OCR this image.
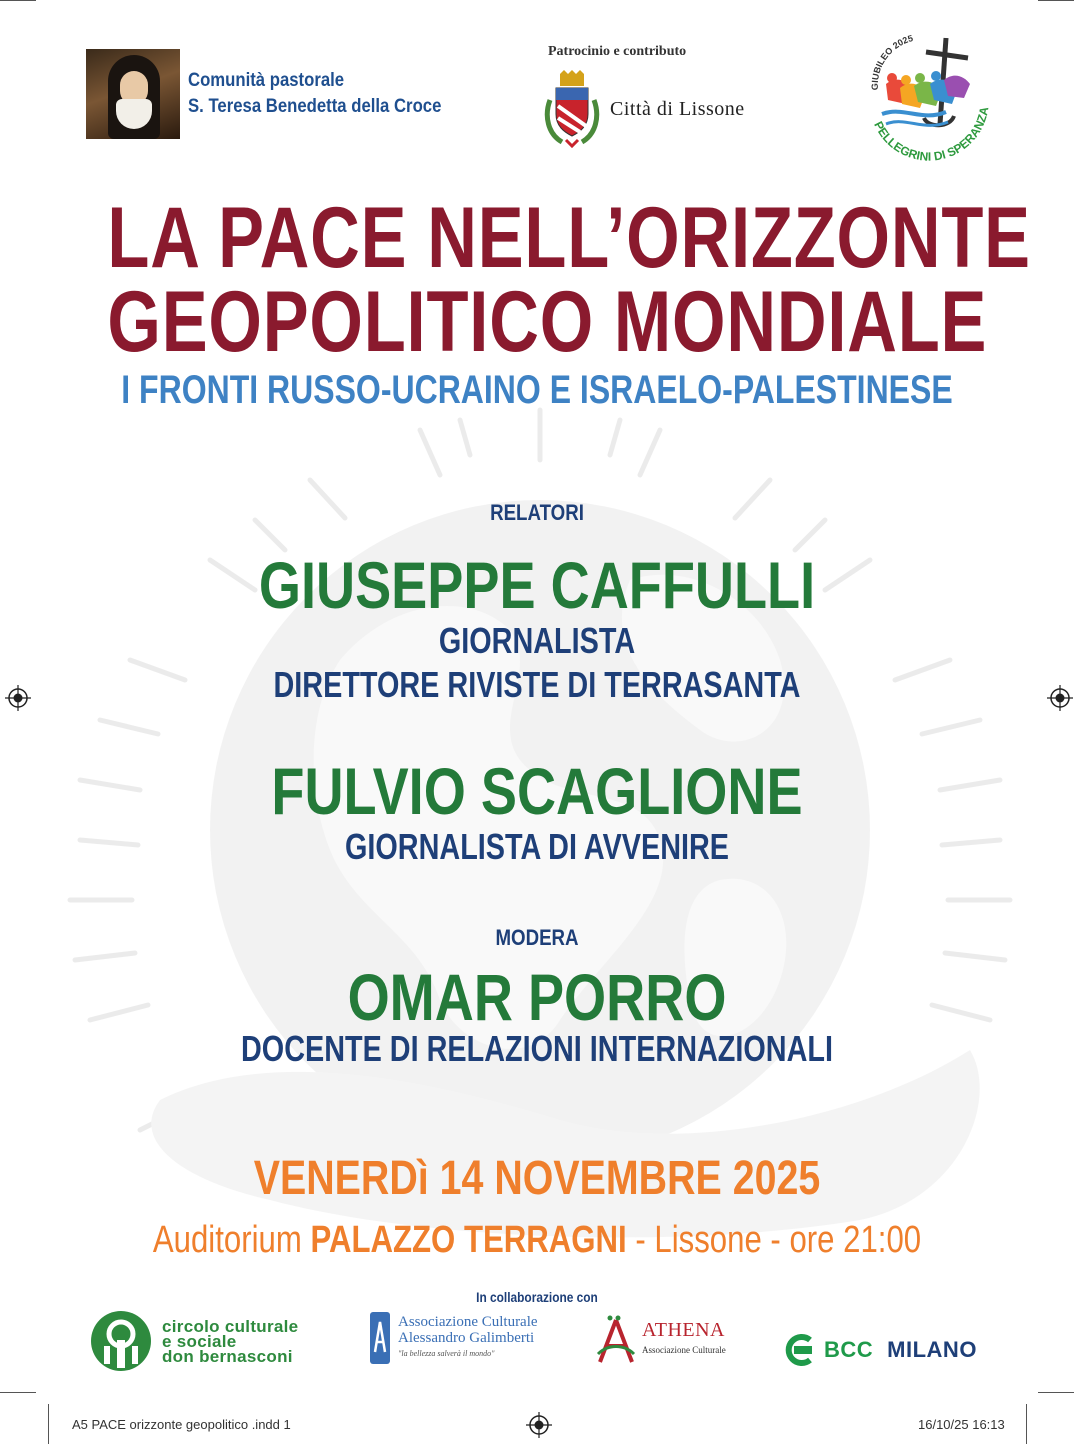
Comunità pastorale
S. Teresa Benedetta della Croce
Patrocinio e contributo
Città di Lissone
GIUBILEO 2025
PELLEGRINI DI SPERANZA
LA PACE NELL’ORIZZONTE
GEOPOLITICO MONDIALE
I FRONTI RUSSO-UCRAINO E ISRAELO-PALESTINESE
RELATORI
GIUSEPPE CAFFULLI
GIORNALISTA
DIRETTORE RIVISTE DI TERRASANTA
FULVIO SCAGLIONE
GIORNALISTA DI AVVENIRE
MODERA
OMAR PORRO
DOCENTE DI RELAZIONI INTERNAZIONALI
VENERDì 14 NOVEMBRE 2025
Auditorium PALAZZO TERRAGNI - Lissone - ore 21:00
In collaborazione con
circolo culturale
e sociale
don bernasconi
Associazione Culturale
Alessandro Galimberti
"la bellezza salverà il mondo"
ATHENA
Associazione Culturale	BCC MILANO
A5 PACE orizzonte geopolitico .indd 1	16/10/25 16:13
